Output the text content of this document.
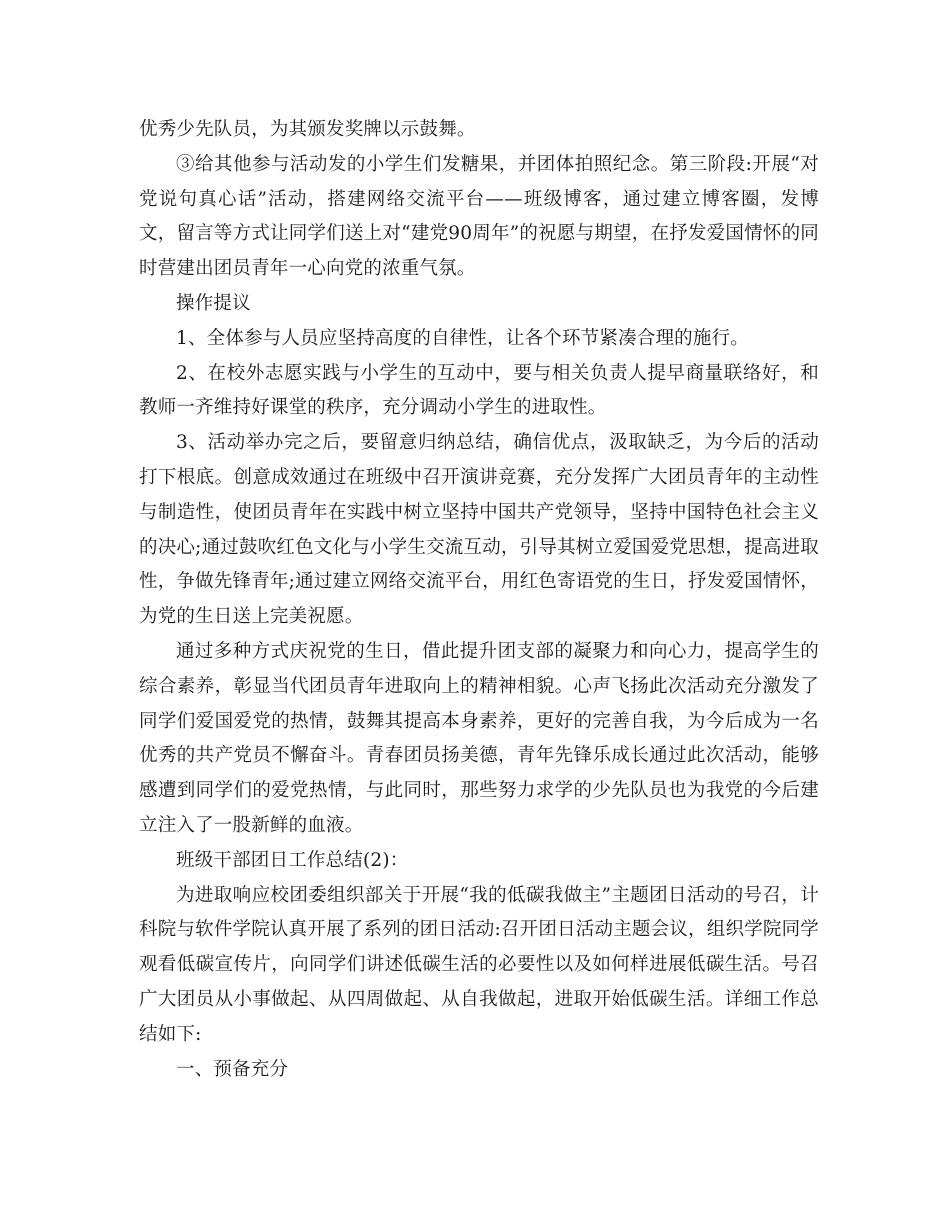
优秀少先队员，为其颁发奖牌以示鼓舞。

③给其他参与活动发的小学生们发糖果，并团体拍照纪念。第三阶段:开展“对党说句真心话”活动，搭建网络交流平台——班级博客，通过建立博客圈，发博文，留言等方式让同学们送上对“建党90周年”的祝愿与期望，在抒发爱国情怀的同时营建出团员青年一心向党的浓重气氛。

操作提议

1、全体参与人员应坚持高度的自律性，让各个环节紧凑合理的施行。

2、在校外志愿实践与小学生的互动中，要与相关负责人提早商量联络好，和教师一齐维持好课堂的秩序，充分调动小学生的进取性。

3、活动举办完之后，要留意归纳总结，确信优点，汲取缺乏，为今后的活动打下根底。创意成效通过在班级中召开演讲竞赛，充分发挥广大团员青年的主动性与制造性，使团员青年在实践中树立坚持中国共产党领导，坚持中国特色社会主义的决心;通过鼓吹红色文化与小学生交流互动，引导其树立爱国爱党思想，提高进取性，争做先锋青年;通过建立网络交流平台，用红色寄语党的生日，抒发爱国情怀，为党的生日送上完美祝愿。

通过多种方式庆祝党的生日，借此提升团支部的凝聚力和向心力，提高学生的综合素养，彰显当代团员青年进取向上的精神相貌。心声飞扬此次活动充分激发了同学们爱国爱党的热情，鼓舞其提高本身素养，更好的完善自我，为今后成为一名优秀的共产党员不懈奋斗。青春团员扬美德，青年先锋乐成长通过此次活动，能够感遭到同学们的爱党热情，与此同时，那些努力求学的少先队员也为我党的今后建立注入了一股新鲜的血液。

班级干部团日工作总结(2)：

为进取响应校团委组织部关于开展“我的低碳我做主”主题团日活动的号召，计科院与软件学院认真开展了系列的团日活动:召开团日活动主题会议，组织学院同学观看低碳宣传片，向同学们讲述低碳生活的必要性以及如何样进展低碳生活。号召广大团员从小事做起、从四周做起、从自我做起，进取开始低碳生活。详细工作总结如下:

一、预备充分
